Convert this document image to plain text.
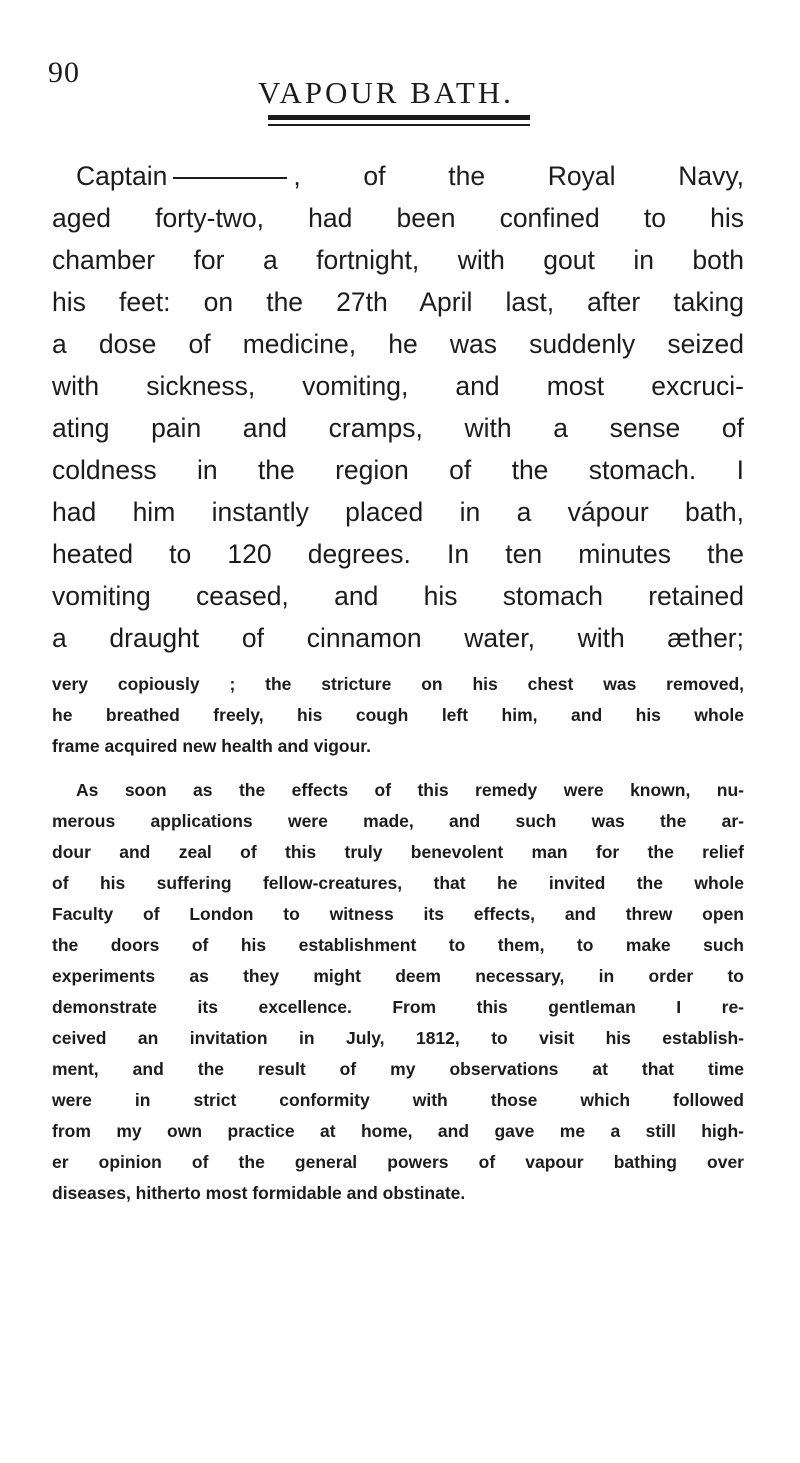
90
VAPOUR BATH.
Captain	, of the Royal Navy,
aged forty-two, had been confined to his
chamber for a fortnight, with gout in both
his feet: on the 27th April last, after taking
a dose of medicine, he was suddenly seized
with sickness, vomiting, and most excruci-
ating pain and cramps, with a sense of
coldness in the region of the stomach. I
had him instantly placed in a vápour bath,
heated to 120 degrees. In ten minutes the
vomiting ceased, and his stomach retained
a draught of cinnamon water, with æther;
very copiously ; the stricture on his chest was removed,
he breathed freely, his cough left him, and his whole
frame acquired new health and vigour.
As soon as the effects of this remedy were known, nu-
merous applications were made, and such was the ar-
dour and zeal of this truly benevolent man for the relief
of his suffering fellow-creatures, that he invited the whole
Faculty of London to witness its effects, and threw open
the doors of his establishment to them, to make such
experiments as they might deem necessary, in order to
demonstrate its excellence. From this gentleman I re-
ceived an invitation in July, 1812, to visit his establish-
ment, and the result of my observations at that time
were in strict conformity with those which followed
from my own practice at home, and gave me a still high-
er opinion of the general powers of vapour bathing over
diseases, hitherto most formidable and obstinate.
